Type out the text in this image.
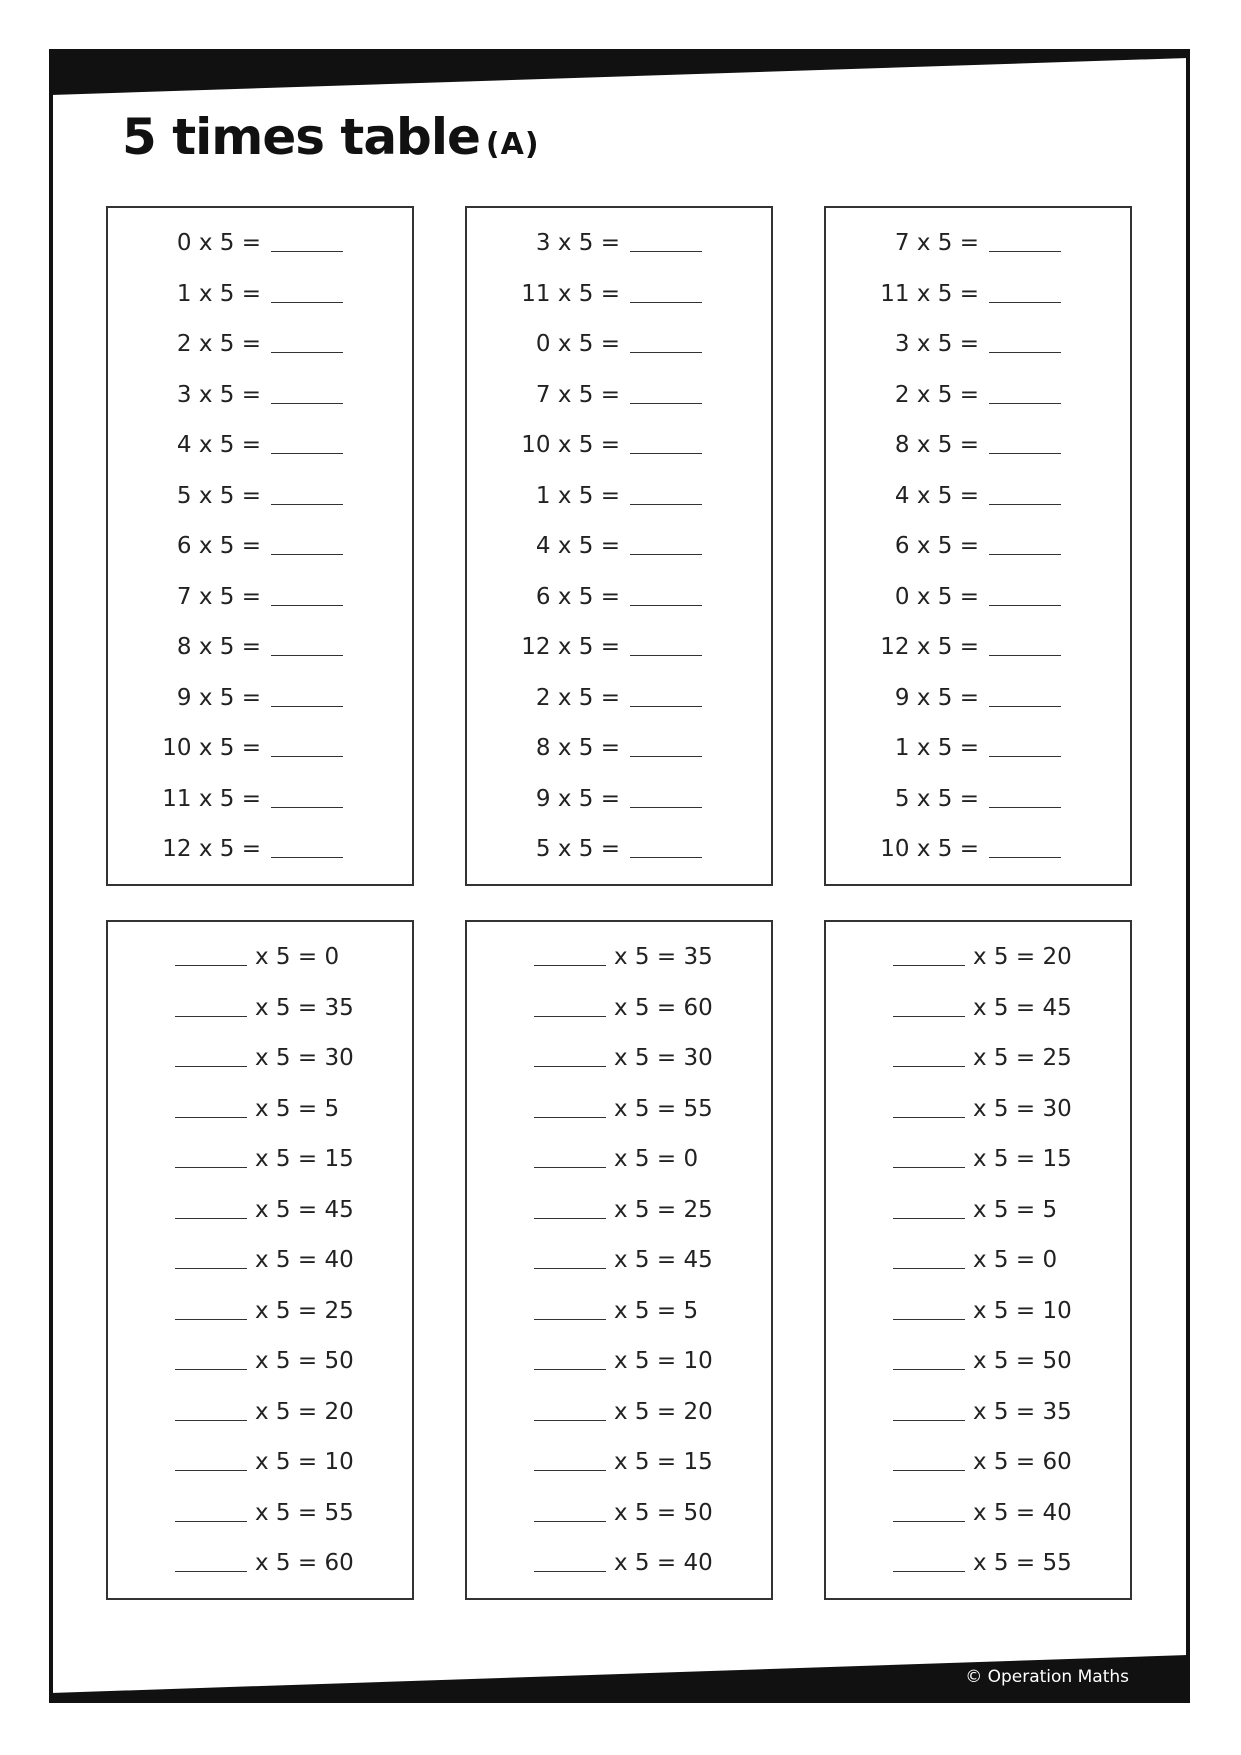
5 times table (A)
0 x 5 =
1 x 5 =
2 x 5 =
3 x 5 =
4 x 5 =
5 x 5 =
6 x 5 =
7 x 5 =
8 x 5 =
9 x 5 =
10 x 5 =
11 x 5 =
12 x 5 =
3 x 5 =
11 x 5 =
0 x 5 =
7 x 5 =
10 x 5 =
1 x 5 =
4 x 5 =
6 x 5 =
12 x 5 =
2 x 5 =
8 x 5 =
9 x 5 =
5 x 5 =
7 x 5 =
11 x 5 =
3 x 5 =
2 x 5 =
8 x 5 =
4 x 5 =
6 x 5 =
0 x 5 =
12 x 5 =
9 x 5 =
1 x 5 =
5 x 5 =
10 x 5 =
x 5 = 0
x 5 = 35
x 5 = 30
x 5 = 5
x 5 = 15
x 5 = 45
x 5 = 40
x 5 = 25
x 5 = 50
x 5 = 20
x 5 = 10
x 5 = 55
x 5 = 60
x 5 = 35
x 5 = 60
x 5 = 30
x 5 = 55
x 5 = 0
x 5 = 25
x 5 = 45
x 5 = 5
x 5 = 10
x 5 = 20
x 5 = 15
x 5 = 50
x 5 = 40
x 5 = 20
x 5 = 45
x 5 = 25
x 5 = 30
x 5 = 15
x 5 = 5
x 5 = 0
x 5 = 10
x 5 = 50
x 5 = 35
x 5 = 60
x 5 = 40
x 5 = 55
© Operation Maths
